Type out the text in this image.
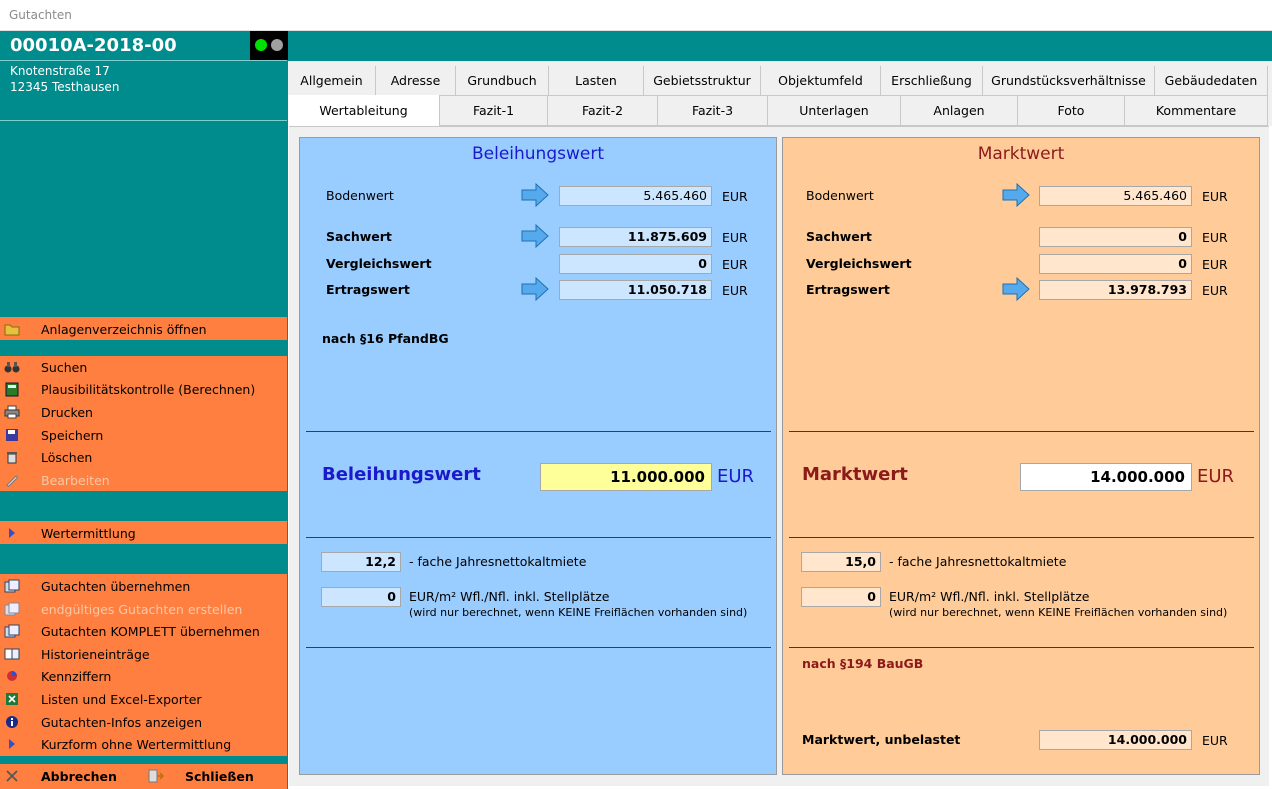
Gutachten
00010A-2018-00
Knotenstraße 17
12345 Testhausen
Anlagenverzeichnis öffnen
Suchen
Plausibilitätskontrolle (Berechnen)
Drucken
Speichern
Löschen
Bearbeiten
Wertermittlung
Gutachten übernehmen
endgültiges Gutachten erstellen
Gutachten KOMPLETT übernehmen
Historieneinträge
Kennziffern
Listen und Excel-Exporter
Gutachten-Infos anzeigen
Kurzform ohne Wertermittlung
Abbrechen	Schließen
Allgemein	Adresse	Grundbuch	Lasten	Gebietsstruktur	Objektumfeld	Erschließung	Grundstücksverhältnisse	Gebäudedaten
Wertableitung	Fazit-1	Fazit-2	Fazit-3	Unterlagen	Anlagen	Foto	Kommentare
Beleihungswert
Bodenwert	5.465.460	EUR
Sachwert	11.875.609	EUR
Vergleichswert	0	EUR
Ertragswert	11.050.718	EUR
nach §16 PfandBG
Beleihungswert	11.000.000 EUR
12,2	- fache Jahresnettokaltmiete
0	EUR/m² Wfl./Nfl. inkl. Stellplätze
(wird nur berechnet, wenn KEINE Freiflächen vorhanden sind)
Marktwert
Bodenwert	5.465.460	EUR
Sachwert	0	EUR
Vergleichswert	0	EUR
Ertragswert	13.978.793	EUR
Marktwert	14.000.000 EUR
15,0	- fache Jahresnettokaltmiete
0	EUR/m² Wfl./Nfl. inkl. Stellplätze
(wird nur berechnet, wenn KEINE Freiflächen vorhanden sind)
nach §194 BauGB
Marktwert, unbelastet	14.000.000	EUR
